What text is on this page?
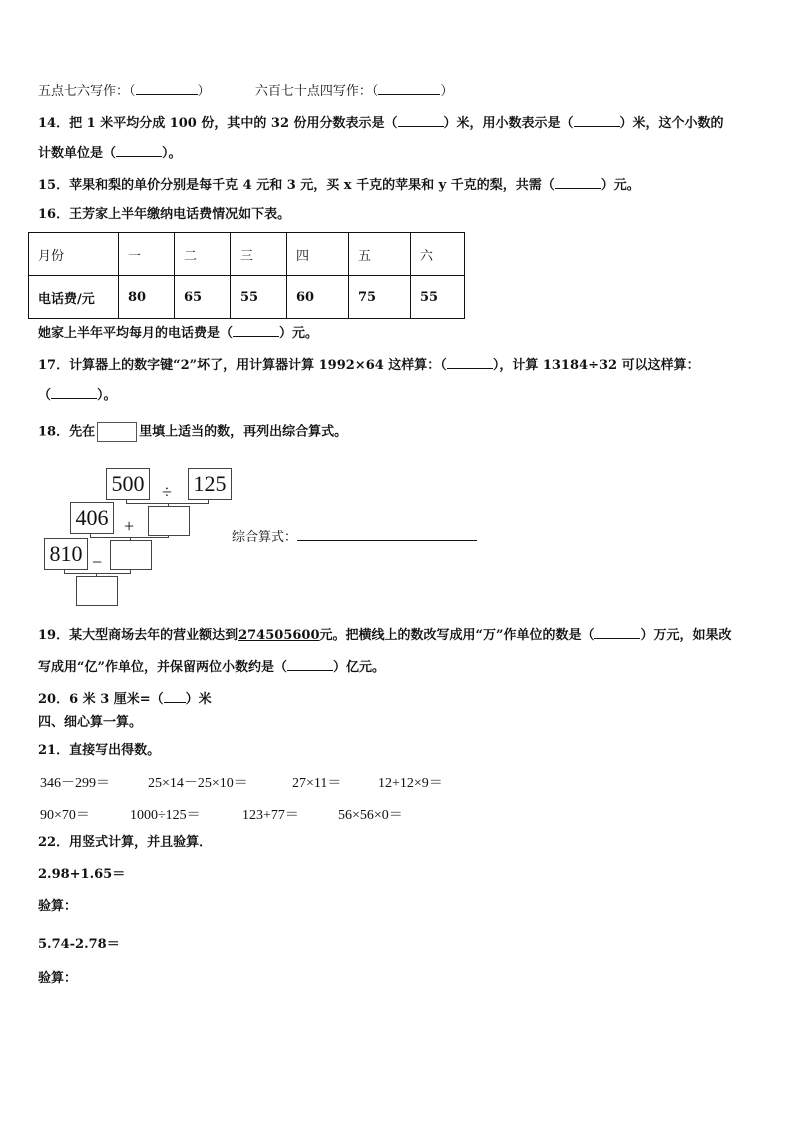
五点七六写作：（	）	六百七十点四写作：（	）
14．把 1 米平均分成 100 份，其中的 32 份用分数表示是（	）米，用小数表示是（	）米，这个小数的
计数单位是（	）。
15．苹果和梨的单价分别是每千克 4 元和 3 元，买 x 千克的苹果和 y 千克的梨，共需（	）元。
16．王芳家上半年缴纳电话费情况如下表。
月份	一	二	三	四	五	六
电话费/元	80	65	55	60	75	55
她家上半年平均每月的电话费是（	）元。
17．计算器上的数字键“2”坏了，用计算器计算 1992×64 这样算：（	），计算 13184÷32 可以这样算：
（	）。
18．先在	里填上适当的数，再列出综合算式。
500 ÷ 125
406 +
810 −
综合算式：
19．某大型商场去年的营业额达到274505600元。把横线上的数改写成用“万”作单位的数是（	）万元，如果改
写成用“亿”作单位，并保留两位小数约是（	）亿元。
20．6 米 3 厘米=（ ）米
四、细心算一算。
21．直接写出得数。
346－299＝	25×14－25×10＝	27×11＝	12+12×9＝
90×70＝	1000÷125＝	123+77＝	56×56×0＝
22．用竖式计算，并且验算．
2.98+1.65＝
验算：
5.74-2.78＝
验算：
